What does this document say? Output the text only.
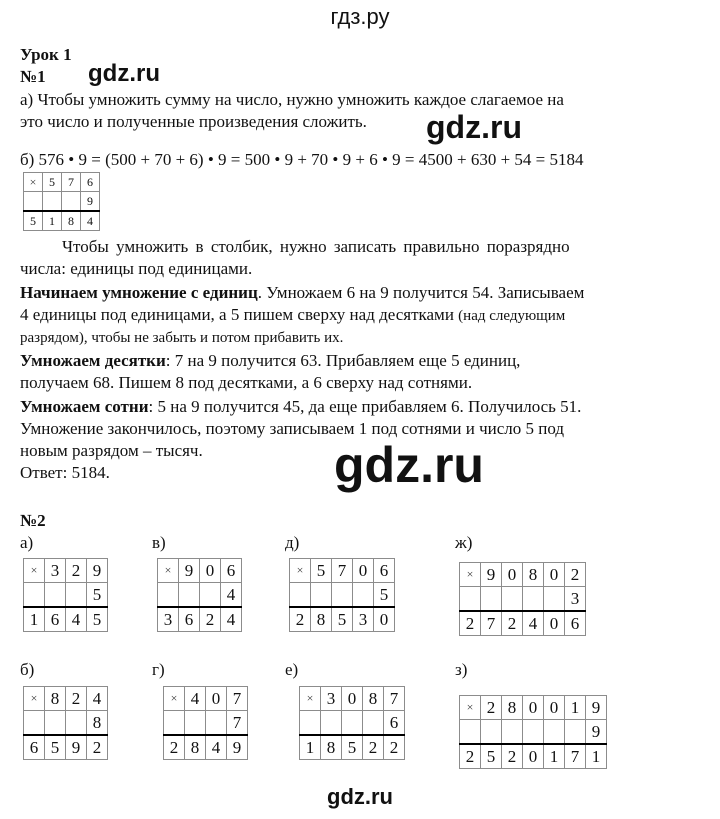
гдз.ру
Урок 1
№1 gdz.ru
а) Чтобы умножить сумму на число, нужно умножить каждое слагаемое на
это число и полученные произведения сложить. gdz.ru
б) 576 • 9 = (500 + 70 + 6) • 9 = 500 • 9 + 70 • 9 + 6 • 9 = 4500 + 630 + 54 = 5184
×	5	7	6
			9
5	1	8	4
Чтобы умножить в столбик, нужно записать правильно поразрядно
числа: единицы под единицами.
Начинаем умножение с единиц. Умножаем 6 на 9 получится 54. Записываем
4 единицы под единицами, а 5 пишем сверху над десятками (над следующим
разрядом), чтобы не забыть и потом прибавить их.
Умножаем десятки: 7 на 9 получится 63. Прибавляем еще 5 единиц,
получаем 68. Пишем 8 под десятками, а 6 сверху над сотнями.
Умножаем сотни: 5 на 9 получится 45, да еще прибавляем 6. Получилось 51.
Умножение закончилось, поэтому записываем 1 под сотнями и число 5 под
новым разрядом – тысяч.
Ответ: 5184.	gdz.ru
№2
а)
×	3	2	9
			5
1	6	4	5
в)
×	9	0	6
			4
3	6	2	4
д)
×	5	7	0	6
				5
2	8	5	3	0
ж)
×	9	0	8	0	2
					3
2	7	2	4	0	6
б)
×	8	2	4
			8
6	5	9	2
г)
×	4	0	7
			7
2	8	4	9
е)
×	3	0	8	7
				6
1	8	5	2	2
з)
×	2	8	0	0	1	9
						9
2	5	2	0	1	7	1
gdz.ru
